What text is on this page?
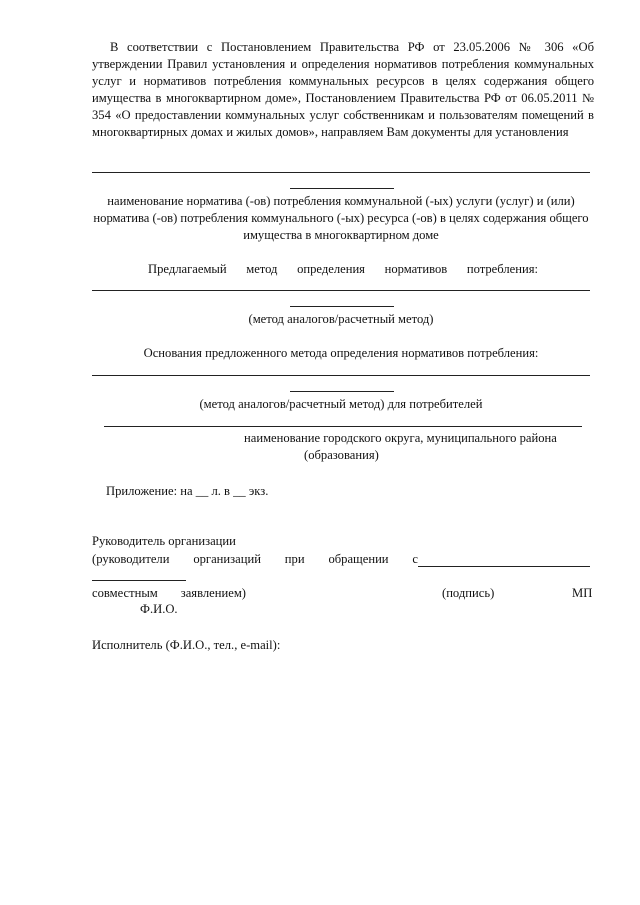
В соответствии с Постановлением Правительства РФ от 23.05.2006 № 306 «Об утверждении Правил установления и определения нормативов потребления коммунальных услуг и нормативов потребления коммунальных ресурсов в целях содержания общего имущества в многоквартирном доме», Постановлением Правительства РФ от 06.05.2011 № 354 «О предоставлении коммунальных услуг собственникам и пользователям помещений в многоквартирных домах и жилых домов», направляем Вам документы для установления

наименование норматива (-ов) потребления коммунальной (-ых) услуги (услуг) и (или) норматива (-ов) потребления коммунального (-ых) ресурса (-ов) в целях содержания общего имущества в многоквартирном доме

Предлагаемый метод определения нормативов потребления:

(метод аналогов/расчетный метод)

Основания предложенного метода определения нормативов потребления:

(метод аналогов/расчетный метод) для потребителей

наименование городского округа, муниципального района

(образования)

Приложение: на __ л. в __ экз.

Руководитель организации

(руководители организаций при обращении с

совместным заявлением)	(подпись)	МП

Ф.И.О.

Исполнитель (Ф.И.О., тел., e-mail):
